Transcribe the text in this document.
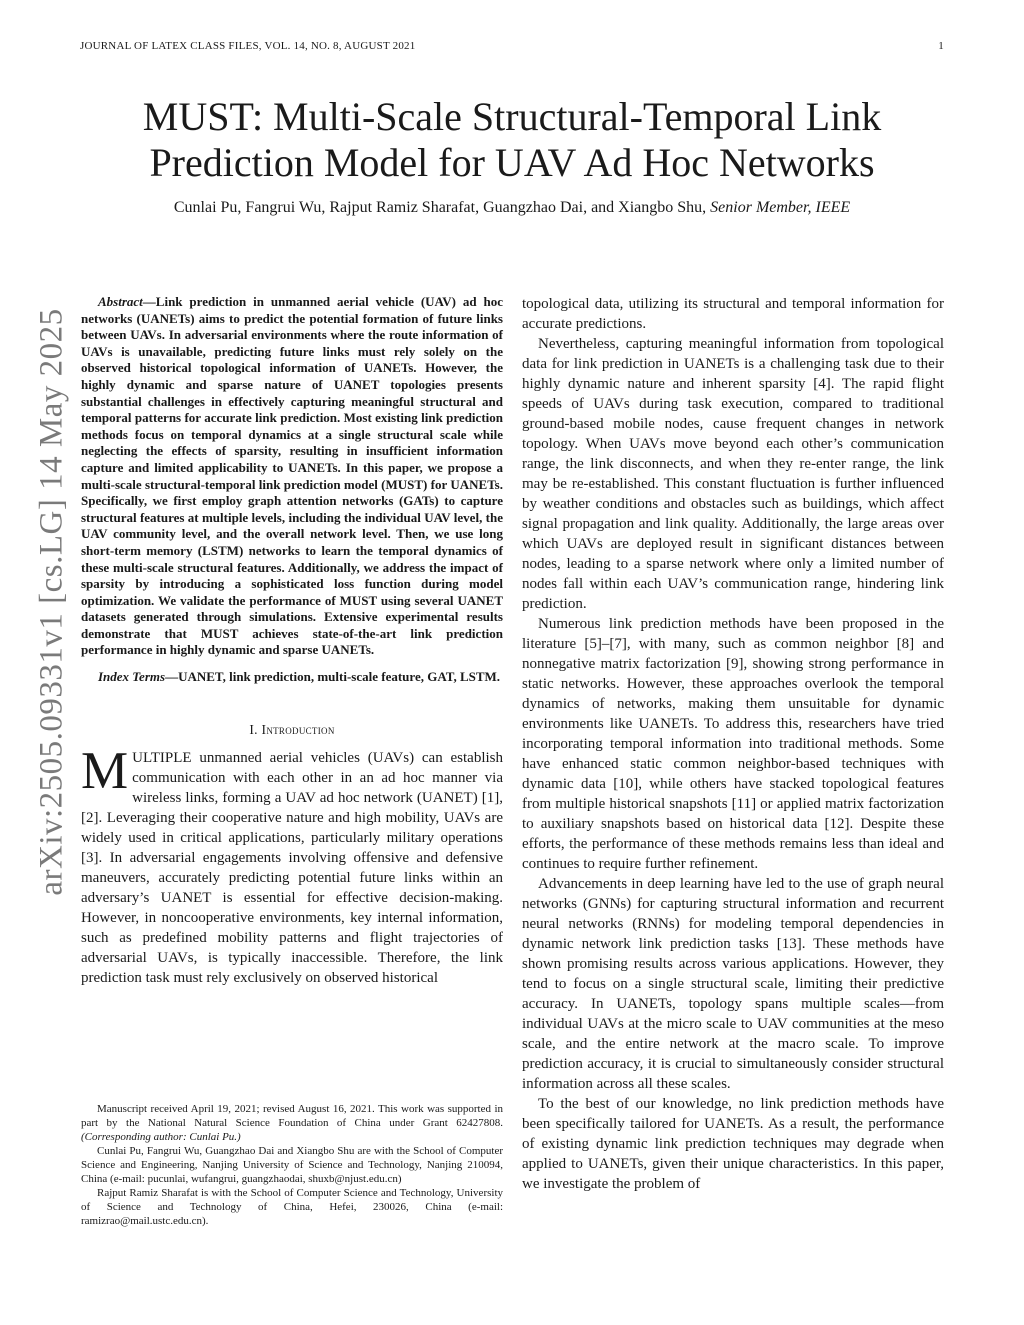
JOURNAL OF LATEX CLASS FILES, VOL. 14, NO. 8, AUGUST 2021	1
arXiv:2505.09331v1 [cs.LG] 14 May 2025
MUST: Multi-Scale Structural-Temporal Link
Prediction Model for UAV Ad Hoc Networks
Cunlai Pu, Fangrui Wu, Rajput Ramiz Sharafat, Guangzhao Dai, and Xiangbo Shu, Senior Member, IEEE

Abstract—Link prediction in unmanned aerial vehicle (UAV) ad hoc networks (UANETs) aims to predict the potential formation of future links between UAVs. In adversarial environments where the route information of UAVs is unavailable, predicting future links must rely solely on the observed historical topological information of UANETs. However, the highly dynamic and sparse nature of UANET topologies presents substantial challenges in effectively capturing meaningful structural and temporal patterns for accurate link prediction. Most existing link prediction methods focus on temporal dynamics at a single structural scale while neglecting the effects of sparsity, resulting in insufficient information capture and limited applicability to UANETs. In this paper, we propose a multi-scale structural-temporal link prediction model (MUST) for UANETs. Specifically, we first employ graph attention networks (GATs) to capture structural features at multiple levels, including the individual UAV level, the UAV community level, and the overall network level. Then, we use long short-term memory (LSTM) networks to learn the temporal dynamics of these multi-scale structural features. Additionally, we address the impact of sparsity by introducing a sophisticated loss function during model optimization. We validate the performance of MUST using several UANET datasets generated through simulations. Extensive experimental results demonstrate that MUST achieves state-of-the-art link prediction performance in highly dynamic and sparse UANETs.

Index Terms—UANET, link prediction, multi-scale feature, GAT, LSTM.

I. Introduction

MULTIPLE unmanned aerial vehicles (UAVs) can establish communication with each other in an ad hoc manner via wireless links, forming a UAV ad hoc network (UANET) [1], [2]. Leveraging their cooperative nature and high mobility, UAVs are widely used in critical applications, particularly military operations [3]. In adversarial engagements involving offensive and defensive maneuvers, accurately predicting potential future links within an adversary’s UANET is essential for effective decision-making. However, in noncooperative environments, key internal information, such as predefined mobility patterns and flight trajectories of adversarial UAVs, is typically inaccessible. Therefore, the link prediction task must rely exclusively on observed historical

topological data, utilizing its structural and temporal information for accurate predictions.

Nevertheless, capturing meaningful information from topological data for link prediction in UANETs is a challenging task due to their highly dynamic nature and inherent sparsity [4]. The rapid flight speeds of UAVs during task execution, compared to traditional ground-based mobile nodes, cause frequent changes in network topology. When UAVs move beyond each other’s communication range, the link disconnects, and when they re-enter range, the link may be re-established. This constant fluctuation is further influenced by weather conditions and obstacles such as buildings, which affect signal propagation and link quality. Additionally, the large areas over which UAVs are deployed result in significant distances between nodes, leading to a sparse network where only a limited number of nodes fall within each UAV’s communication range, hindering link prediction.

Numerous link prediction methods have been proposed in the literature [5]–[7], with many, such as common neighbor [8] and nonnegative matrix factorization [9], showing strong performance in static networks. However, these approaches overlook the temporal dynamics of networks, making them unsuitable for dynamic environments like UANETs. To address this, researchers have tried incorporating temporal information into traditional methods. Some have enhanced static common neighbor-based techniques with dynamic data [10], while others have stacked topological features from multiple historical snapshots [11] or applied matrix factorization to auxiliary snapshots based on historical data [12]. Despite these efforts, the performance of these methods remains less than ideal and continues to require further refinement.

Advancements in deep learning have led to the use of graph neural networks (GNNs) for capturing structural information and recurrent neural networks (RNNs) for modeling temporal dependencies in dynamic network link prediction tasks [13]. These methods have shown promising results across various applications. However, they tend to focus on a single structural scale, limiting their predictive accuracy. In UANETs, topology spans multiple scales—from individual UAVs at the micro scale to UAV communities at the meso scale, and the entire network at the macro scale. To improve prediction accuracy, it is crucial to simultaneously consider structural information across all these scales.

To the best of our knowledge, no link prediction methods have been specifically tailored for UANETs. As a result, the performance of existing dynamic link prediction techniques may degrade when applied to UANETs, given their unique characteristics. In this paper, we investigate the problem of

Manuscript received April 19, 2021; revised August 16, 2021. This work was supported in part by the National Natural Science Foundation of China under Grant 62427808. (Corresponding author: Cunlai Pu.)

Cunlai Pu, Fangrui Wu, Guangzhao Dai and Xiangbo Shu are with the School of Computer Science and Engineering, Nanjing University of Science and Technology, Nanjing 210094, China (e-mail: pucunlai, wufangrui, guangzhaodai, shuxb@njust.edu.cn)

Rajput Ramiz Sharafat is with the School of Computer Science and Technology, University of Science and Technology of China, Hefei, 230026, China (e-mail: ramizrao@mail.ustc.edu.cn).
